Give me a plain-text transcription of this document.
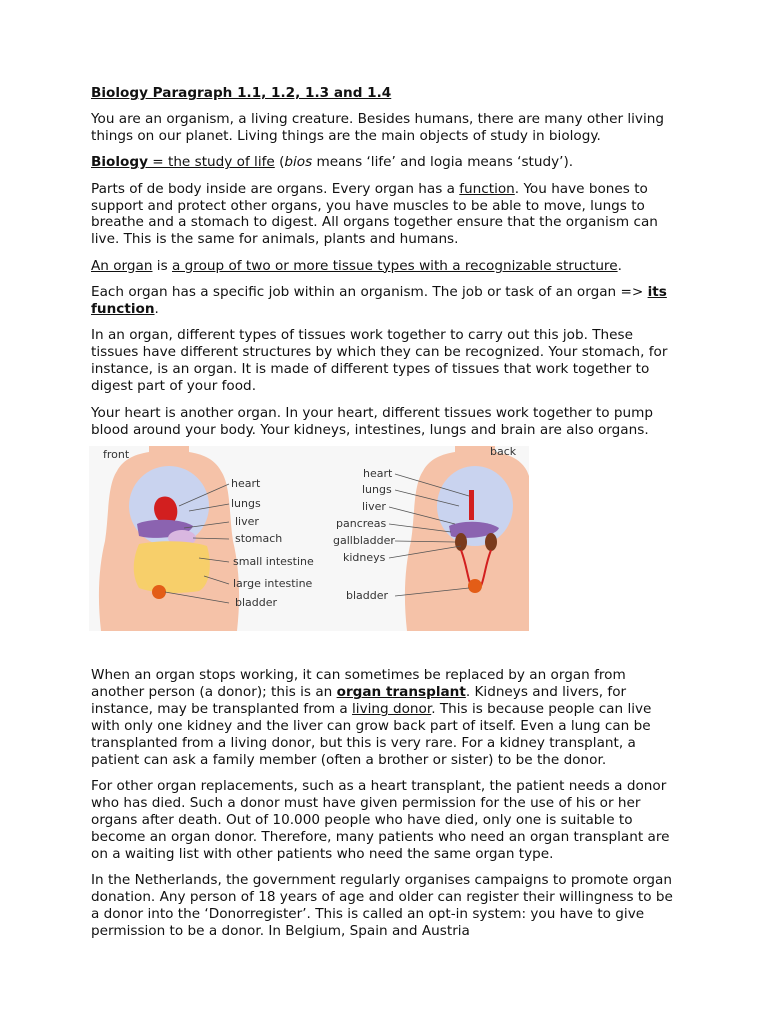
Biology Paragraph 1.1, 1.2, 1.3 and 1.4

You are an organism, a living creature. Besides humans, there are many other living things on our planet. Living things are the main objects of study in biology.

Biology = the study of life (bios means ‘life’ and logia means ‘study’).

Parts of de body inside are organs. Every organ has a function. You have bones to support and protect other organs, you have muscles to be able to move, lungs to breathe and a stomach to digest. All organs together ensure that the organism can live. This is the same for animals, plants and humans.

An organ is a group of two or more tissue types with a recognizable structure.

Each organ has a specific job within an organism. The job or task of an organ => its function.

In an organ, different types of tissues work together to carry out this job. These tissues have different structures by which they can be recognized. Your stomach, for instance, is an organ. It is made of different types of tissues that work together to digest part of your food.

Your heart is another organ. In your heart, different tissues work together to pump blood around your body. Your kidneys, intestines, lungs and brain are also organs.

front	back
heart
lungs
liver
stomach
small intestine
large intestine
bladder
heart
lungs
liver
pancreas
gallbladder
kidneys
bladder

When an organ stops working, it can sometimes be replaced by an organ from another person (a donor); this is an organ transplant. Kidneys and livers, for instance, may be transplanted from a living donor. This is because people can live with only one kidney and the liver can grow back part of itself. Even a lung can be transplanted from a living donor, but this is very rare. For a kidney transplant, a patient can ask a family member (often a brother or sister) to be the donor.

For other organ replacements, such as a heart transplant, the patient needs a donor who has died. Such a donor must have given permission for the use of his or her organs after death. Out of 10.000 people who have died, only one is suitable to become an organ donor. Therefore, many patients who need an organ transplant are on a waiting list with other patients who need the same organ type.

In the Netherlands, the government regularly organises campaigns to promote organ donation. Any person of 18 years of age and older can register their willingness to be a donor into the ‘Donorregister’. This is called an opt-in system: you have to give permission to be a donor. In Belgium, Spain and Austria
